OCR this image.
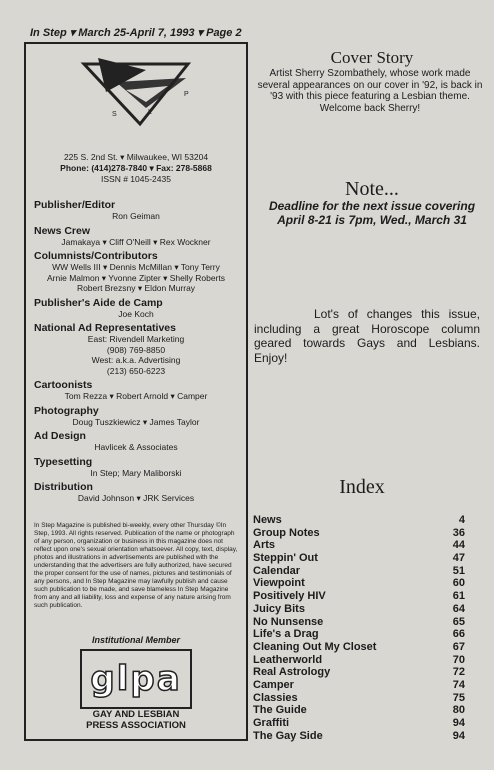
In Step ▾ March 25-April 7, 1993 ▾ Page 2
S	L
P
225 S. 2nd St. ▾ Milwaukee, WI 53204
Phone: (414)278-7840 ▾ Fax: 278-5868
ISSN # 1045-2435
Publisher/Editor
Ron Geiman
News Crew
Jamakaya ▾ Cliff O'Neill ▾ Rex Wockner
Columnists/Contributors
WW Wells III ▾ Dennis McMillan ▾ Tony Terry
Arnie Malmon ▾ Yvonne Zipter ▾ Shelly Roberts
Robert Brezsny ▾ Eldon Murray
Publisher's Aide de Camp
Joe Koch
National Ad Representatives
East: Rivendell Marketing
(908) 769-8850
West: a.k.a. Advertising
(213) 650-6223
Cartoonists
Tom Rezza ▾ Robert Arnold ▾ Camper
Photography
Doug Tuszkiewicz ▾ James Taylor
Ad Design
Havlicek & Associates
Typesetting
In Step; Mary Maliborski
Distribution
David Johnson ▾ JRK Services
In Step Magazine is published bi-weekly, every other Thursday ©In Step, 1993. All rights reserved. Publication of the name or photograph of any person, organization or business in this magazine does not reflect upon one's sexual orientation whatsoever. All copy, text, display, photos and illustrations in advertisements are published with the understanding that the advertisers are fully authorized, have secured the proper consent for the use of names, pictures and testimonials of any persons, and In Step Magazine may lawfully publish and cause such publication to be made, and save blameless In Step Magazine from any and all liability, loss and expense of any nature arising from such publication.
Institutional Member
glpa
GAY AND LESBIAN
PRESS ASSOCIATION
Cover Story
Artist Sherry Szombathely, whose work made several appearances on our cover in '92, is back in '93 with this piece featuring a Lesbian theme. Welcome back Sherry!
Note...
Deadline for the next issue covering April 8-21 is 7pm, Wed., March 31
Lot's of changes this issue, including a great Horoscope column geared towards Gays and Lesbians. Enjoy!
Index
News	4
Group Notes	36
Arts	44
Steppin' Out	47
Calendar	51
Viewpoint	60
Positively HIV	61
Juicy Bits	64
No Nunsense	65
Life's a Drag	66
Cleaning Out My Closet	67
Leatherworld	70
Real Astrology	72
Camper	74
Classies	75
The Guide	80
Graffiti	94
The Gay Side	94
